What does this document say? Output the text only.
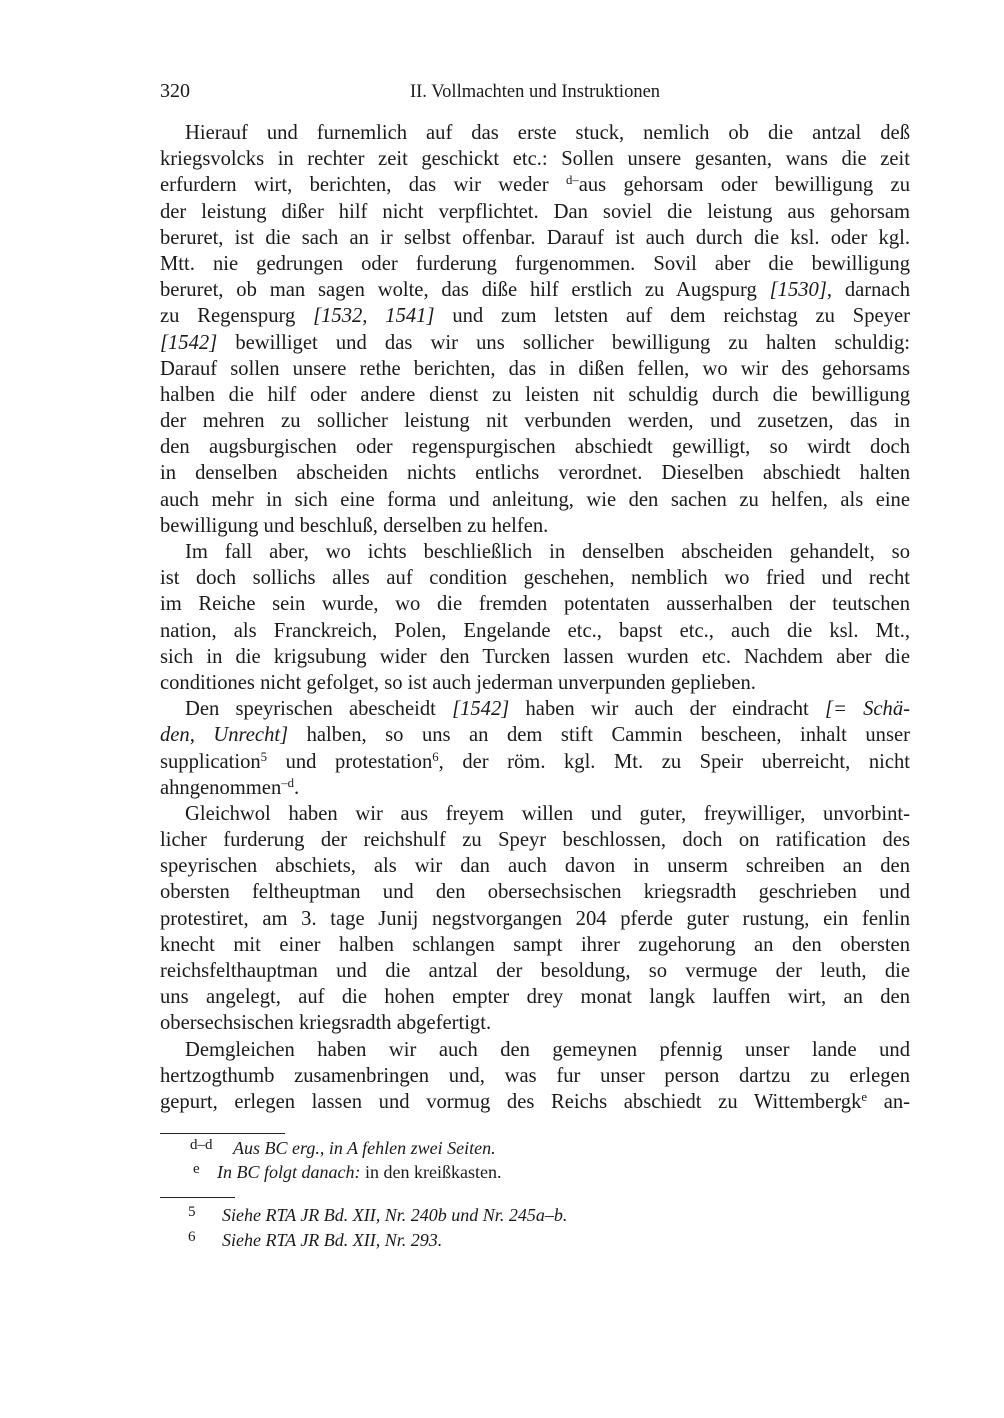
320	II. Vollmachten und Instruktionen
Hierauf und furnemlich auf das erste stuck, nemlich ob die antzal deß
kriegsvolcks in rechter zeit geschickt etc.: Sollen unsere gesanten, wans die zeit
erfurdern wirt, berichten, das wir weder $^{d-}$aus gehorsam oder bewilligung zu
der leistung dißer hilf nicht verpflichtet. Dan soviel die leistung aus gehorsam
beruret, ist die sach an ir selbst offenbar. Darauf ist auch durch die ksl. oder kgl.
Mtt. nie gedrungen oder furderung furgenommen. Sovil aber die bewilligung
beruret, ob man sagen wolte, das diße hilf erstlich zu Augspurg [1530], darnach
zu Regenspurg [1532, 1541] und zum letsten auf dem reichstag zu Speyer
[1542] bewilliget und das wir uns sollicher bewilligung zu halten schuldig:
Darauf sollen unsere rethe berichten, das in dißen fellen, wo wir des gehorsams
halben die hilf oder andere dienst zu leisten nit schuldig durch die bewilligung
der mehren zu sollicher leistung nit verbunden werden, und zusetzen, das in
den augsburgischen oder regenspurgischen abschiedt gewilligt, so wirdt doch
in denselben abscheiden nichts entlichs verordnet. Dieselben abschiedt halten
auch mehr in sich eine forma und anleitung, wie den sachen zu helfen, als eine
bewilligung und beschluß, derselben zu helfen.
Im fall aber, wo ichts beschließlich in denselben abscheiden gehandelt, so
ist doch sollichs alles auf condition geschehen, nemblich wo fried und recht
im Reiche sein wurde, wo die fremden potentaten ausserhalben der teutschen
nation, als Franckreich, Polen, Engelande etc., bapst etc., auch die ksl. Mt.,
sich in die krigsubung wider den Turcken lassen wurden etc. Nachdem aber die
conditiones nicht gefolget, so ist auch jederman unverpunden geplieben.
Den speyrischen abescheidt [1542] haben wir auch der eindracht [= Schä-
den, Unrecht] halben, so uns an dem stift Cammin bescheen, inhalt unser
supplication$^5$ und protestation$^6$, der röm. kgl. Mt. zu Speir uberreicht, nicht
ahngenommen$^{-d}$.
Gleichwol haben wir aus freyem willen und guter, freywilliger, unvorbint-
licher furderung der reichshulf zu Speyr beschlossen, doch on ratification des
speyrischen abschiets, als wir dan auch davon in unserm schreiben an den
obersten feltheuptman und den obersechsischen kriegsradth geschrieben und
protestiret, am 3. tage Junij negstvorgangen 204 pferde guter rustung, ein fenlin
knecht mit einer halben schlangen sampt ihrer zugehorung an den obersten
reichsfelthauptman und die antzal der besoldung, so vermuge der leuth, die
uns angelegt, auf die hohen empter drey monat langk lauffen wirt, an den
obersechsischen kriegsradth abgefertigt.
Demgleichen haben wir auch den gemeynen pfennig unser lande und
hertzogthumb zusamenbringen und, was fur unser person dartzu zu erlegen
gepurt, erlegen lassen und vormug des Reichs abschiedt zu Wittembergk$^e$ an-
d–d Aus BC erg., in A fehlen zwei Seiten.
e In BC folgt danach: in den kreißkasten.
5 Siehe RTA JR Bd. XII, Nr. 240b und Nr. 245a–b.
6 Siehe RTA JR Bd. XII, Nr. 293.
